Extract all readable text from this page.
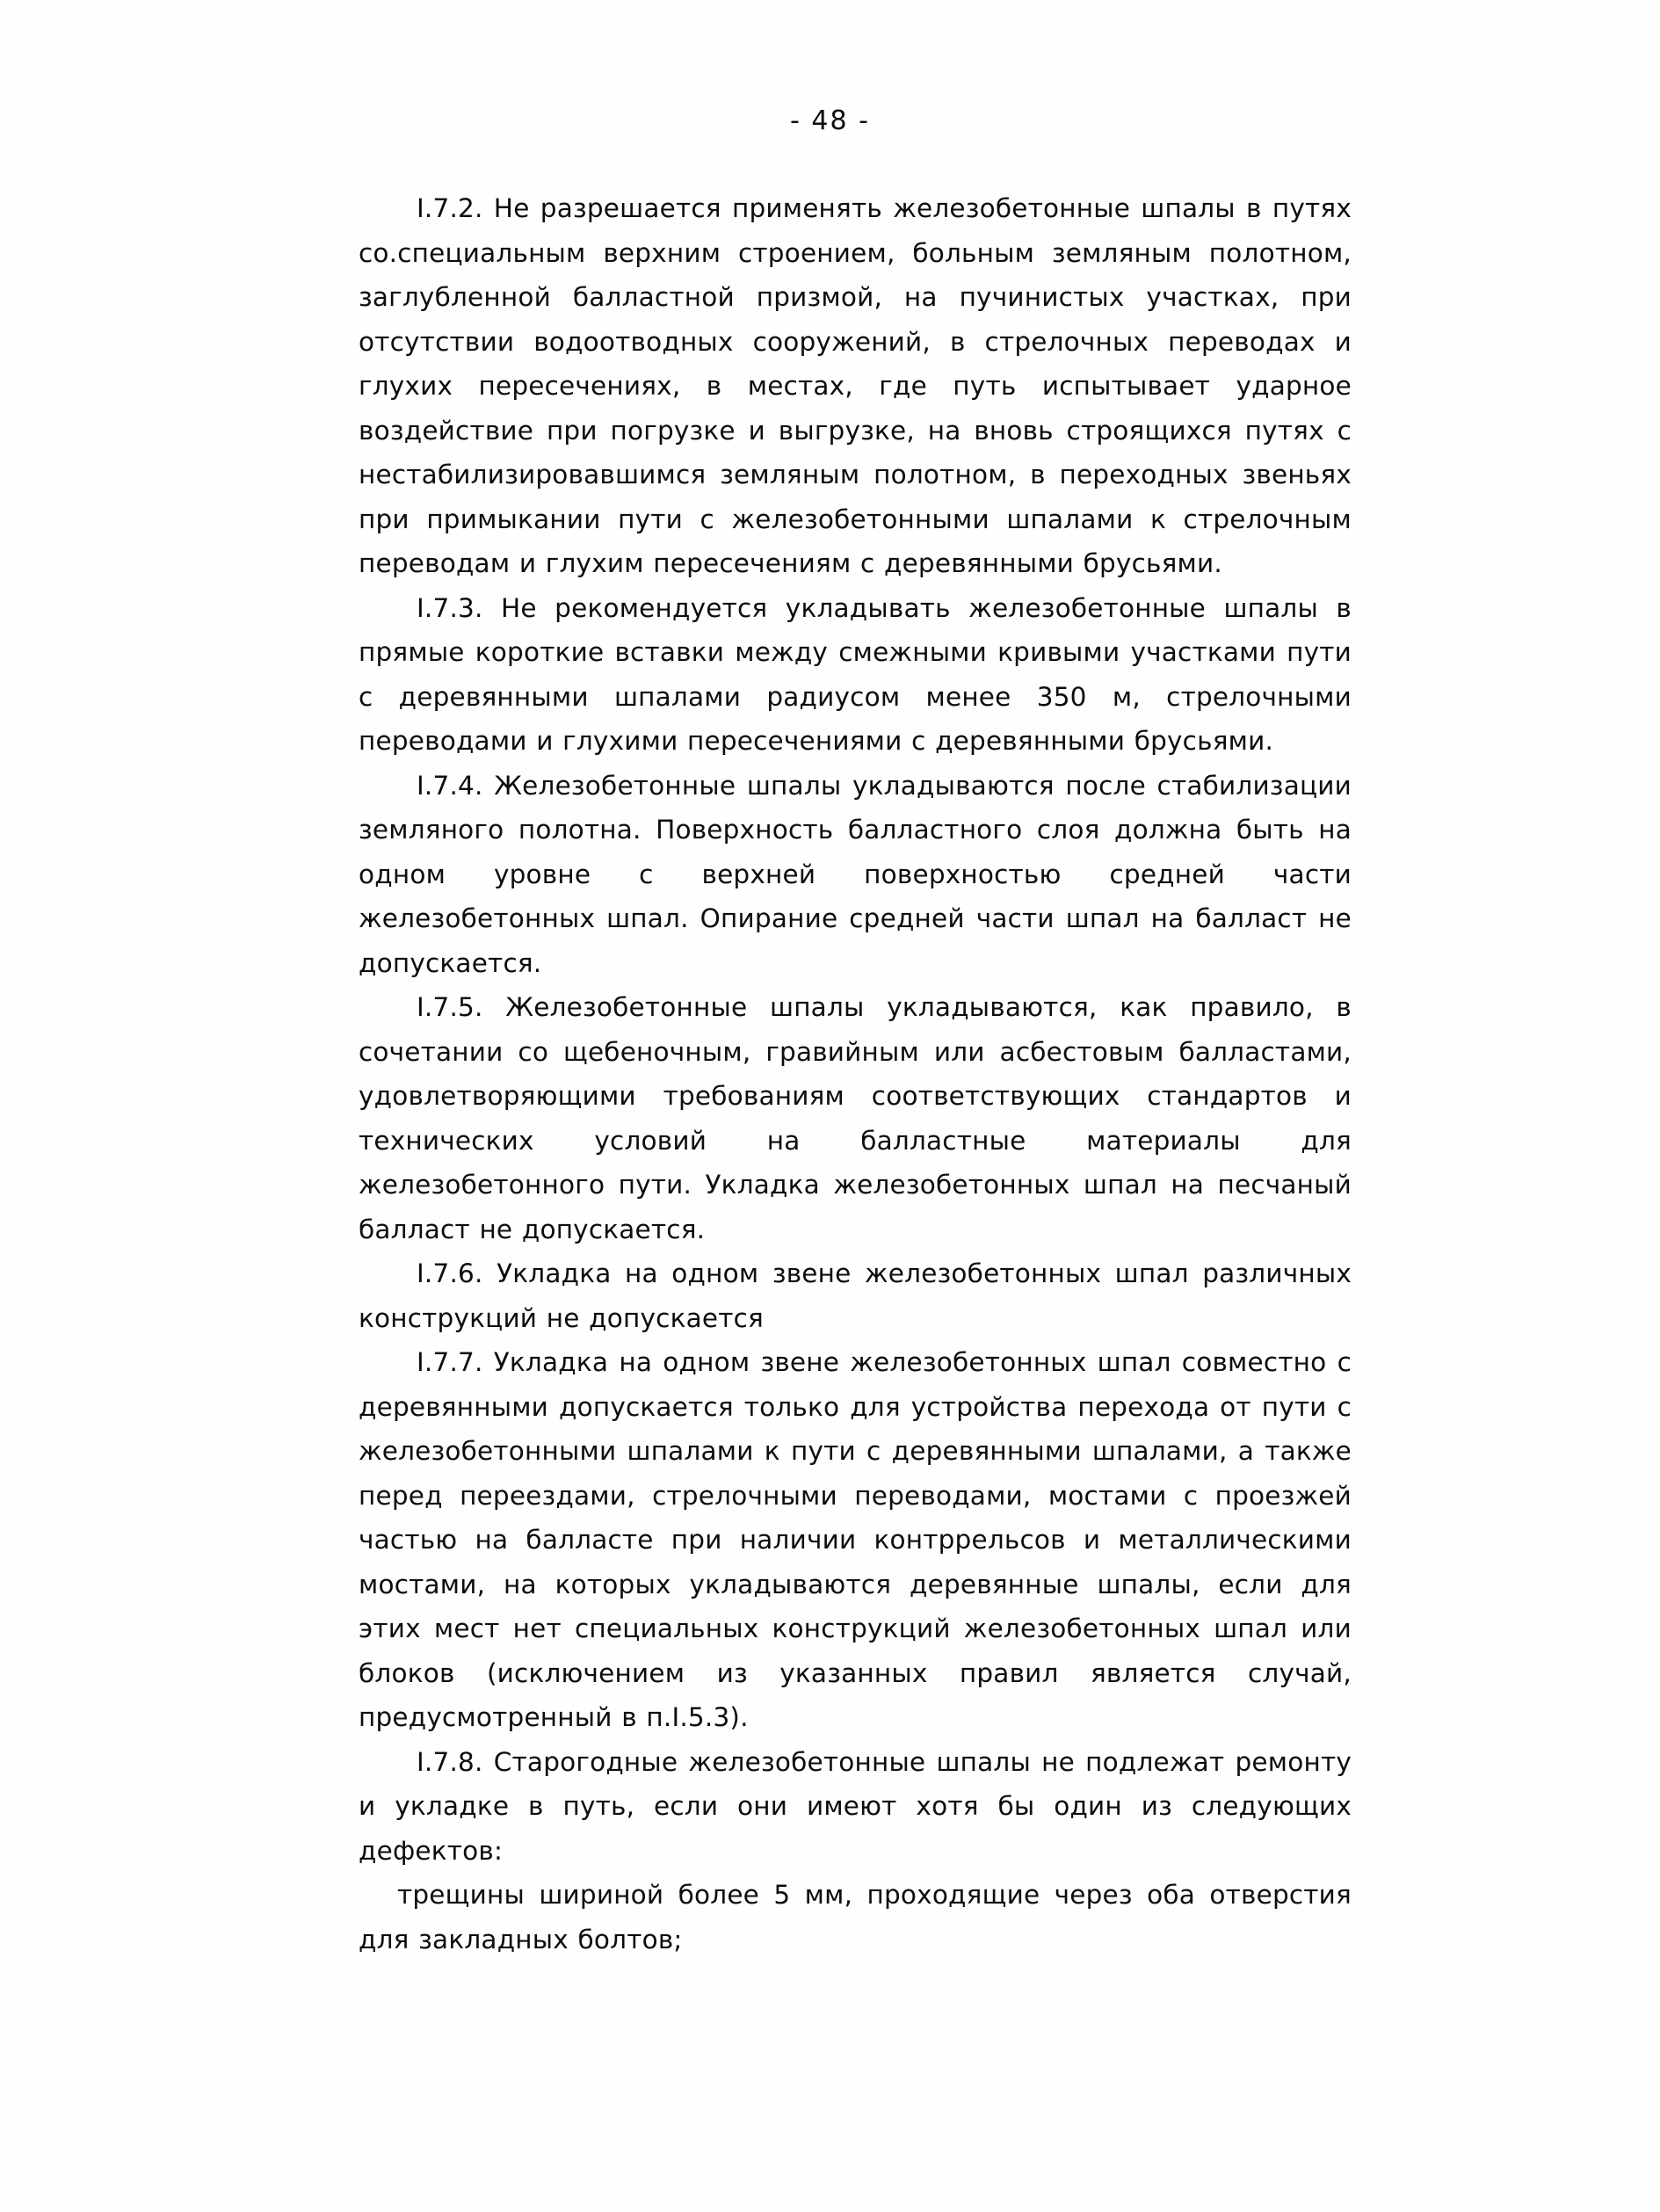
- 48 -

I.7.2. Не разрешается применять железобетонные шпалы в путях со.специальным верхним строением, больным земляным полотном, заглубленной балластной призмой, на пучинистых участках, при отсутствии водоотводных сооружений, в стрелочных переводах и глухих пересечениях, в местах, где путь испытывает ударное воздействие при погрузке и выгрузке, на вновь строящихся путях с нестабилизировавшимся земляным полотном, в переходных звеньях при примыкании пути с железобетонными шпалами к стрелочным переводам и глухим пересечениям с деревянными брусьями.

I.7.3. Не рекомендуется укладывать железобетонные шпалы в прямые короткие вставки между смежными кривыми участками пути с деревянными шпалами радиусом менее 350 м, стрелочными переводами и глухими пересечениями с деревянными брусьями.

I.7.4. Железобетонные шпалы укладываются после стабилизации земляного полотна. Поверхность балластного слоя должна быть на одном уровне с верхней поверхностью средней части железобетонных шпал. Опирание средней части шпал на балласт не допускается.

I.7.5. Железобетонные шпалы укладываются, как правило, в сочетании со щебеночным, гравийным или асбестовым балластами, удовлетворяющими требованиям соответствующих стандартов и технических условий на балластные материалы для железобетонного пути. Укладка железобетонных шпал на песчаный балласт не допускается.

I.7.6. Укладка на одном звене железобетонных шпал различных конструкций не допускается

I.7.7. Укладка на одном звене железобетонных шпал совместно с деревянными допускается только для устройства перехода от пути с железобетонными шпалами к пути с деревянными шпалами, а также перед переездами, стрелочными переводами, мостами с проезжей частью на балласте при наличии контррельсов и металлическими мостами, на которых укладываются деревянные шпалы, если для этих мест нет специальных конструкций железобетонных шпал или блоков (исключением из указанных правил является случай, предусмотренный в п.I.5.3).

I.7.8. Старогодные железобетонные шпалы не подлежат ремонту и укладке в путь, если они имеют хотя бы один из следующих дефектов:

трещины шириной более 5 мм, проходящие через оба отверстия для закладных болтов;
